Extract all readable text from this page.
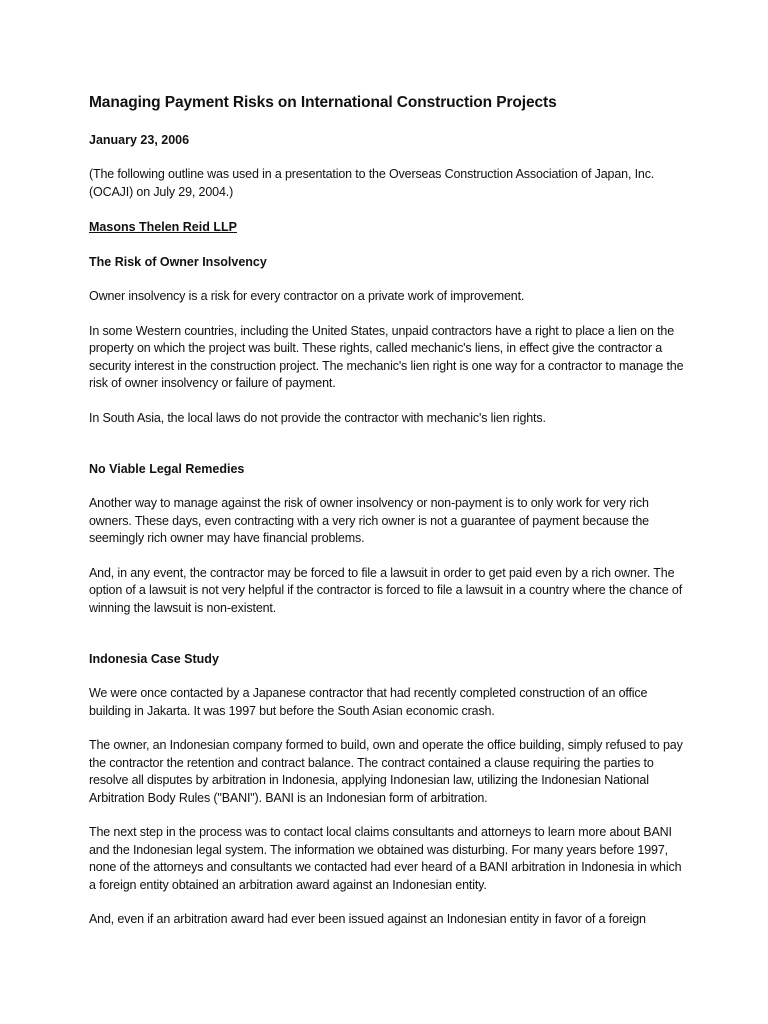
Managing Payment Risks on International Construction Projects
January 23, 2006

(The following outline was used in a presentation to the Overseas Construction Association of Japan, Inc. (OCAJI) on July 29, 2004.)

Masons Thelen Reid LLP
The Risk of Owner Insolvency

Owner insolvency is a risk for every contractor on a private work of improvement.

In some Western countries, including the United States, unpaid contractors have a right to place a lien on the property on which the project was built. These rights, called mechanic's liens, in effect give the contractor a security interest in the construction project. The mechanic's lien right is one way for a contractor to manage the risk of owner insolvency or failure of payment.

In South Asia, the local laws do not provide the contractor with mechanic's lien rights.

No Viable Legal Remedies

Another way to manage against the risk of owner insolvency or non-payment is to only work for very rich owners. These days, even contracting with a very rich owner is not a guarantee of payment because the seemingly rich owner may have financial problems.

And, in any event, the contractor may be forced to file a lawsuit in order to get paid even by a rich owner. The option of a lawsuit is not very helpful if the contractor is forced to file a lawsuit in a country where the chance of winning the lawsuit is non-existent.

Indonesia Case Study

We were once contacted by a Japanese contractor that had recently completed construction of an office building in Jakarta. It was 1997 but before the South Asian economic crash.

The owner, an Indonesian company formed to build, own and operate the office building, simply refused to pay the contractor the retention and contract balance. The contract contained a clause requiring the parties to resolve all disputes by arbitration in Indonesia, applying Indonesian law, utilizing the Indonesian National Arbitration Body Rules ("BANI"). BANI is an Indonesian form of arbitration.

The next step in the process was to contact local claims consultants and attorneys to learn more about BANI and the Indonesian legal system. The information we obtained was disturbing. For many years before 1997, none of the attorneys and consultants we contacted had ever heard of a BANI arbitration in Indonesia in which a foreign entity obtained an arbitration award against an Indonesian entity.

And, even if an arbitration award had ever been issued against an Indonesian entity in favor of a foreign
